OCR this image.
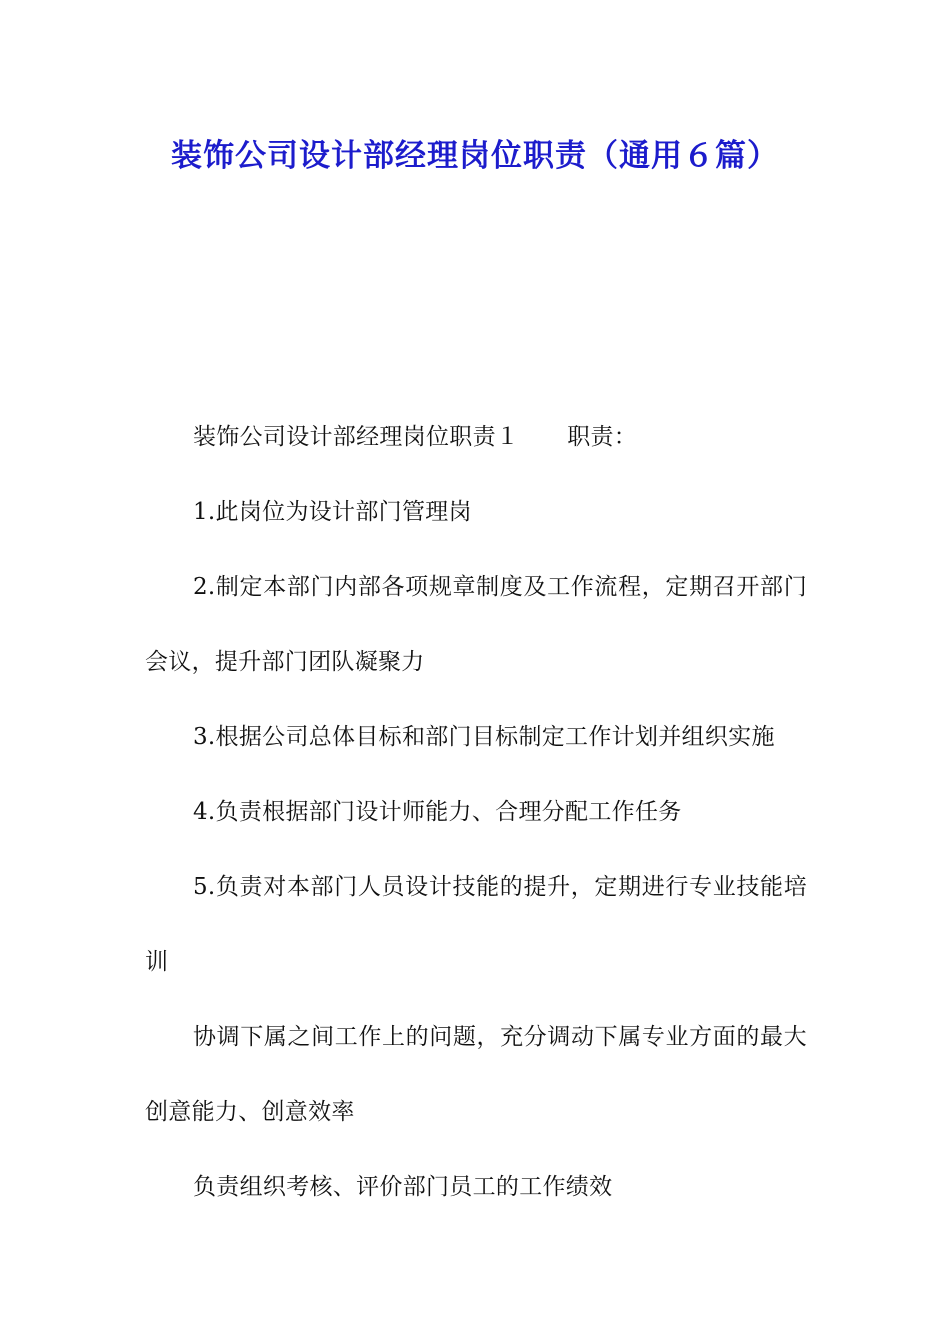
装饰公司设计部经理岗位职责（通用６篇）

装饰公司设计部经理岗位职责１ 职责：

1.此岗位为设计部门管理岗

2.制定本部门内部各项规章制度及工作流程，定期召开部门会议，提升部门团队凝聚力

3.根据公司总体目标和部门目标制定工作计划并组织实施

4.负责根据部门设计师能力、合理分配工作任务

5.负责对本部门人员设计技能的提升，定期进行专业技能培训

协调下属之间工作上的问题，充分调动下属专业方面的最大创意能力、创意效率

负责组织考核、评价部门员工的工作绩效
